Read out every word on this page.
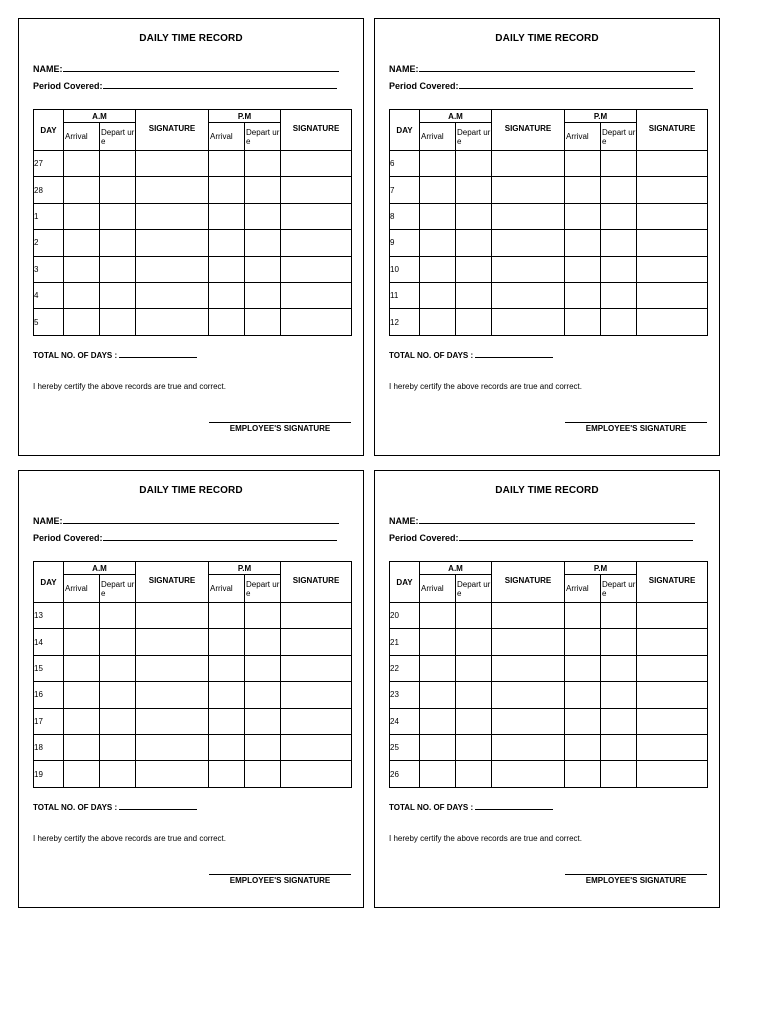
DAILY TIME RECORD
NAME:
Period Covered:
DAY	A.M		SIGNATURE	P.M		SIGNATURE
	Arrival	Depart ure		Arrival	Depart ure	
27						
28						
1						
2						
3						
4						
5						
TOTAL NO. OF DAYS :
I hereby certify the above records are true and correct.
EMPLOYEE'S SIGNATURE
DAILY TIME RECORD
NAME:
Period Covered:
DAY	A.M		SIGNATURE	P.M		SIGNATURE
	Arrival	Depart ure		Arrival	Depart ure	
6						
7						
8						
9						
10						
11						
12						
TOTAL NO. OF DAYS :
I hereby certify the above records are true and correct.
EMPLOYEE'S SIGNATURE
DAILY TIME RECORD
NAME:
Period Covered:
DAY	A.M		SIGNATURE	P.M		SIGNATURE
	Arrival	Depart ure		Arrival	Depart ure	
13						
14						
15						
16						
17						
18						
19						
TOTAL NO. OF DAYS :
I hereby certify the above records are true and correct.
EMPLOYEE'S SIGNATURE
DAILY TIME RECORD
NAME:
Period Covered:
DAY	A.M		SIGNATURE	P.M		SIGNATURE
	Arrival	Depart ure		Arrival	Depart ure	
20						
21						
22						
23						
24						
25						
26						
TOTAL NO. OF DAYS :
I hereby certify the above records are true and correct.
EMPLOYEE'S SIGNATURE
